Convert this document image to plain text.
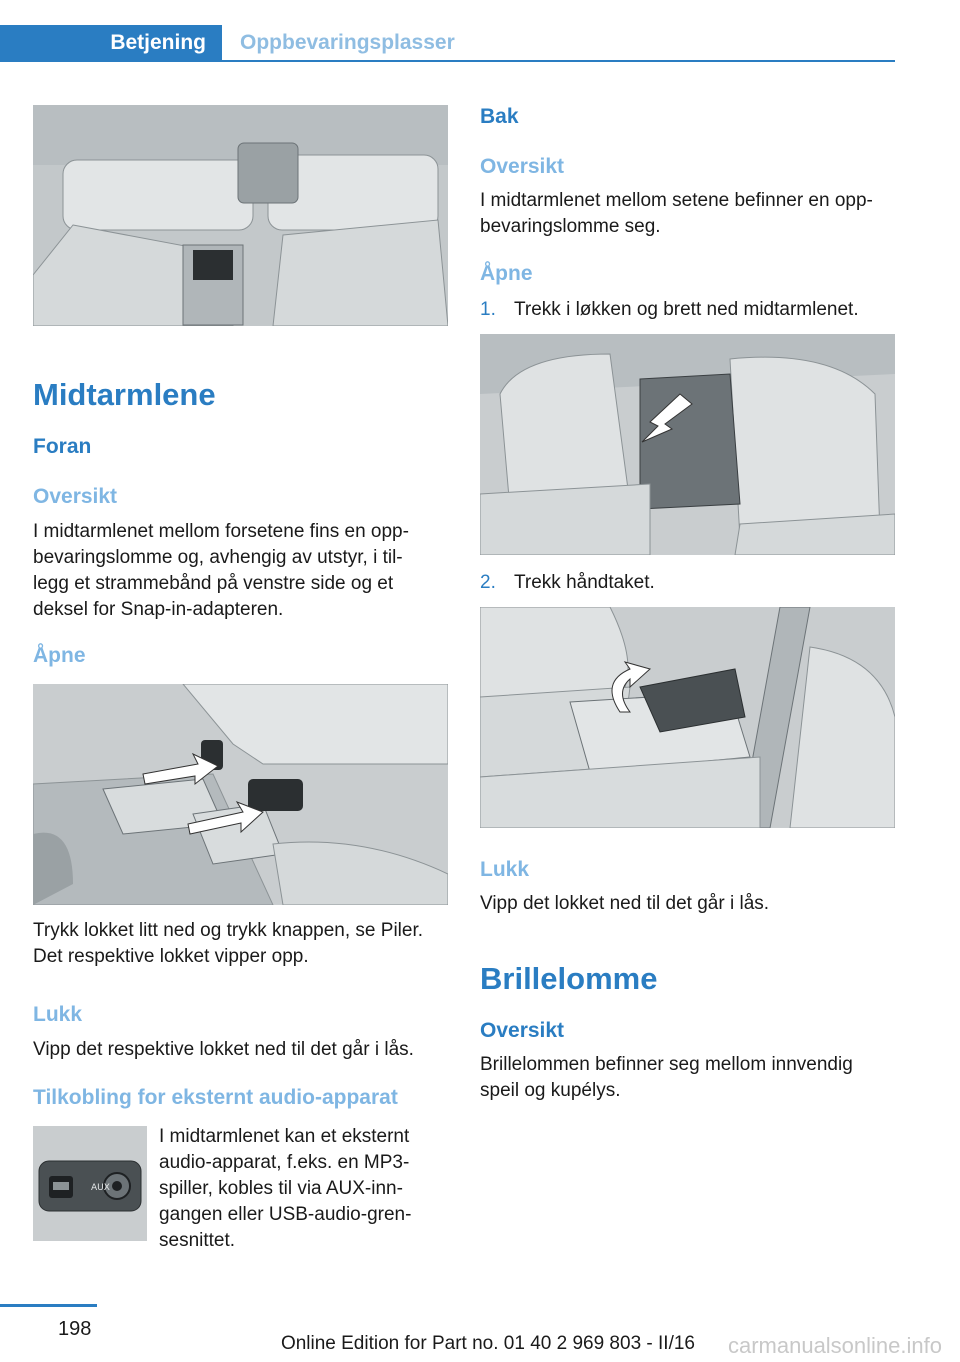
Betjening	Oppbevaringsplasser
Midtarmlene
Foran
Oversikt
I midtarmlenet mellom forsetene fins en opp-
bevaringslomme og, avhengig av utstyr, i til-
legg et strammebånd på venstre side og et
deksel for Snap-in-adapteren.
Åpne
Trykk lokket litt ned og trykk knappen, se Piler.
Det respektive lokket vipper opp.
Lukk
Vipp det respektive lokket ned til det går i lås.
Tilkobling for eksternt audio-apparat
AUX
I midtarmlenet kan et eksternt
audio-apparat, f.eks. en MP3-
spiller, kobles til via AUX-inn-
gangen eller USB-audio-gren-
sesnittet.
Bak
Oversikt
I midtarmlenet mellom setene befinner en opp-
bevaringslomme seg.
Åpne
1. Trekk i løkken og brett ned midtarmlenet.
2. Trekk håndtaket.
Lukk
Vipp det lokket ned til det går i lås.
Brillelomme
Oversikt
Brillelommen befinner seg mellom innvendig
speil og kupélys.
198
Online Edition for Part no. 01 40 2 969 803 - II/16 carmanualsonline.info
